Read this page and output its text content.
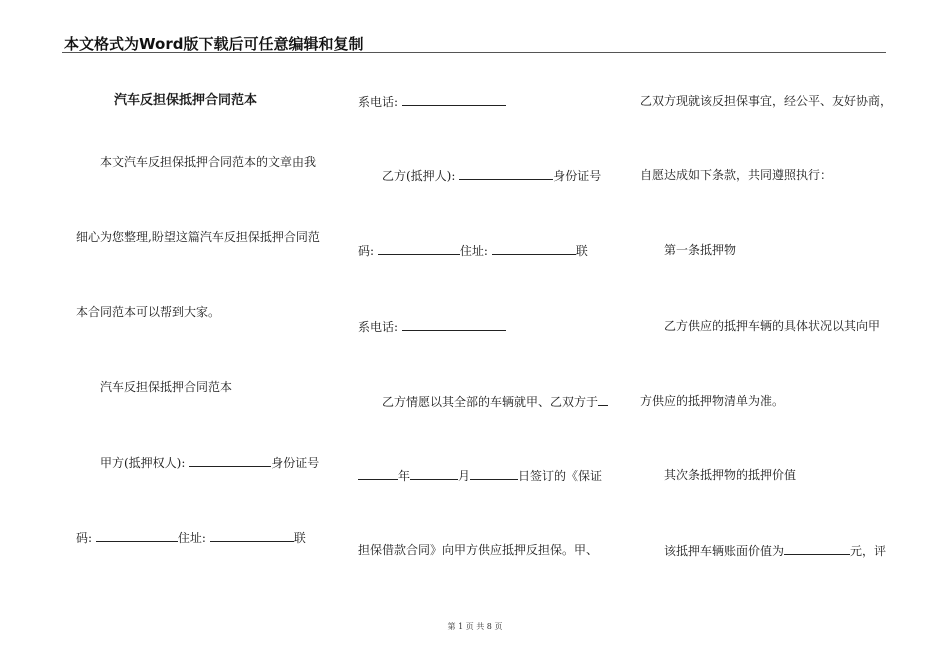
本文格式为Word版下载后可任意编辑和复制
汽车反担保抵押合同范本
本文汽车反担保抵押合同范本的文章由我
细心为您整理,盼望这篇汽车反担保抵押合同范
本合同范本可以帮到大家。
汽车反担保抵押合同范本
甲方(抵押权人):	身份证号
码:	住址:	联
系电话:
乙方(抵押人):	身份证号
码:	住址:	联
系电话:
乙方情愿以其全部的车辆就甲、乙双方于
年	月	日签订的《保证
担保借款合同》向甲方供应抵押反担保。甲、
乙双方现就该反担保事宜，经公平、友好协商，
自愿达成如下条款，共同遵照执行：
第一条抵押物
乙方供应的抵押车辆的具体状况以其向甲
方供应的抵押物清单为准。
其次条抵押物的抵押价值
该抵押车辆账面价值为	元，评
第 1 页 共 8 页
